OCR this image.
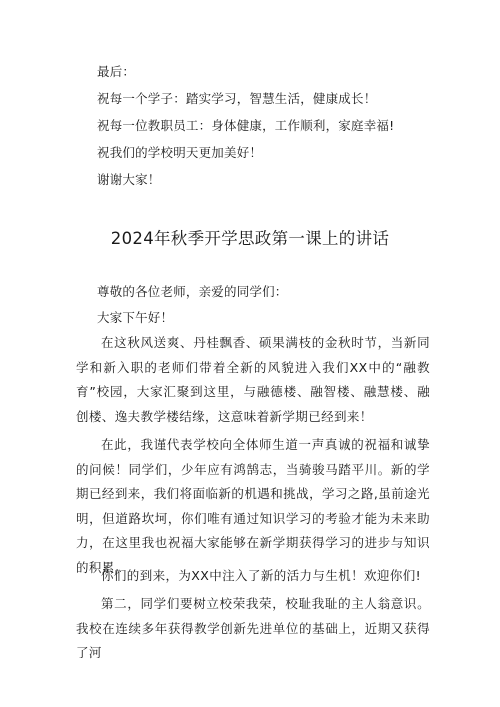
最后：
祝每一个学子：踏实学习，智慧生活，健康成长！
祝每一位教职员工：身体健康，工作顺利，家庭幸福!
祝我们的学校明天更加美好！
谢谢大家！
2024年秋季开学思政第一课上的讲话
尊敬的各位老师，亲爱的同学们：
大家下午好！
在这秋风送爽、丹桂飘香、硕果满枝的金秋时节，当新同学和新入职的老师们带着全新的风貌进入我们XX中的“融教育”校园，大家汇聚到这里，与融德楼、融智楼、融慧楼、融创楼、逸夫教学楼结缘，这意味着新学期已经到来！
在此，我谨代表学校向全体师生道一声真诚的祝福和诚挚的问候！同学们，少年应有鸿鹄志，当骑骏马踏平川。新的学期已经到来，我们将面临新的机遇和挑战，学习之路,虽前途光明，但道路坎坷，你们唯有通过知识学习的考验才能为未来助力，在这里我也祝福大家能够在新学期获得学习的进步与知识的积累。
你们的到来，为XX中注入了新的活力与生机！欢迎你们!
第二，同学们要树立校荣我荣，校耻我耻的主人翁意识。我校在连续多年获得教学创新先进单位的基础上，近期又获得了河
